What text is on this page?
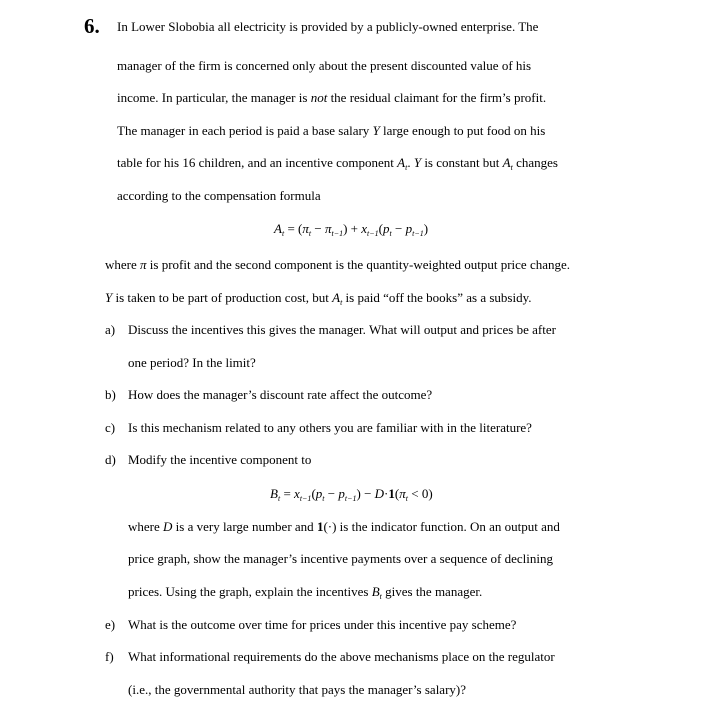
6. In Lower Slobobia all electricity is provided by a publicly-owned enterprise. The
manager of the firm is concerned only about the present discounted value of his
income. In particular, the manager is not the residual claimant for the firm’s profit.
The manager in each period is paid a base salary Y large enough to put food on his
table for his 16 children, and an incentive component $A_t$. Y is constant but $A_t$ changes
according to the compensation formula
$A_t = (\pi_t - \pi_{t-1}) + x_{t-1}(p_t - p_{t-1})$
where π is profit and the second component is the quantity-weighted output price change.
Y is taken to be part of production cost, but $A_t$ is paid “off the books” as a subsidy.
a) Discuss the incentives this gives the manager. What will output and prices be after
one period? In the limit?
b) How does the manager’s discount rate affect the outcome?
c) Is this mechanism related to any others you are familiar with in the literature?
d) Modify the incentive component to
$B_t = x_{t-1}(p_t - p_{t-1}) - D\cdot 1(\pi_t < 0)$
where D is a very large number and 1(·) is the indicator function. On an output and
price graph, show the manager’s incentive payments over a sequence of declining
prices. Using the graph, explain the incentives $B_t$ gives the manager.
e) What is the outcome over time for prices under this incentive pay scheme?
f) What informational requirements do the above mechanisms place on the regulator
(i.e., the governmental authority that pays the manager’s salary)?
